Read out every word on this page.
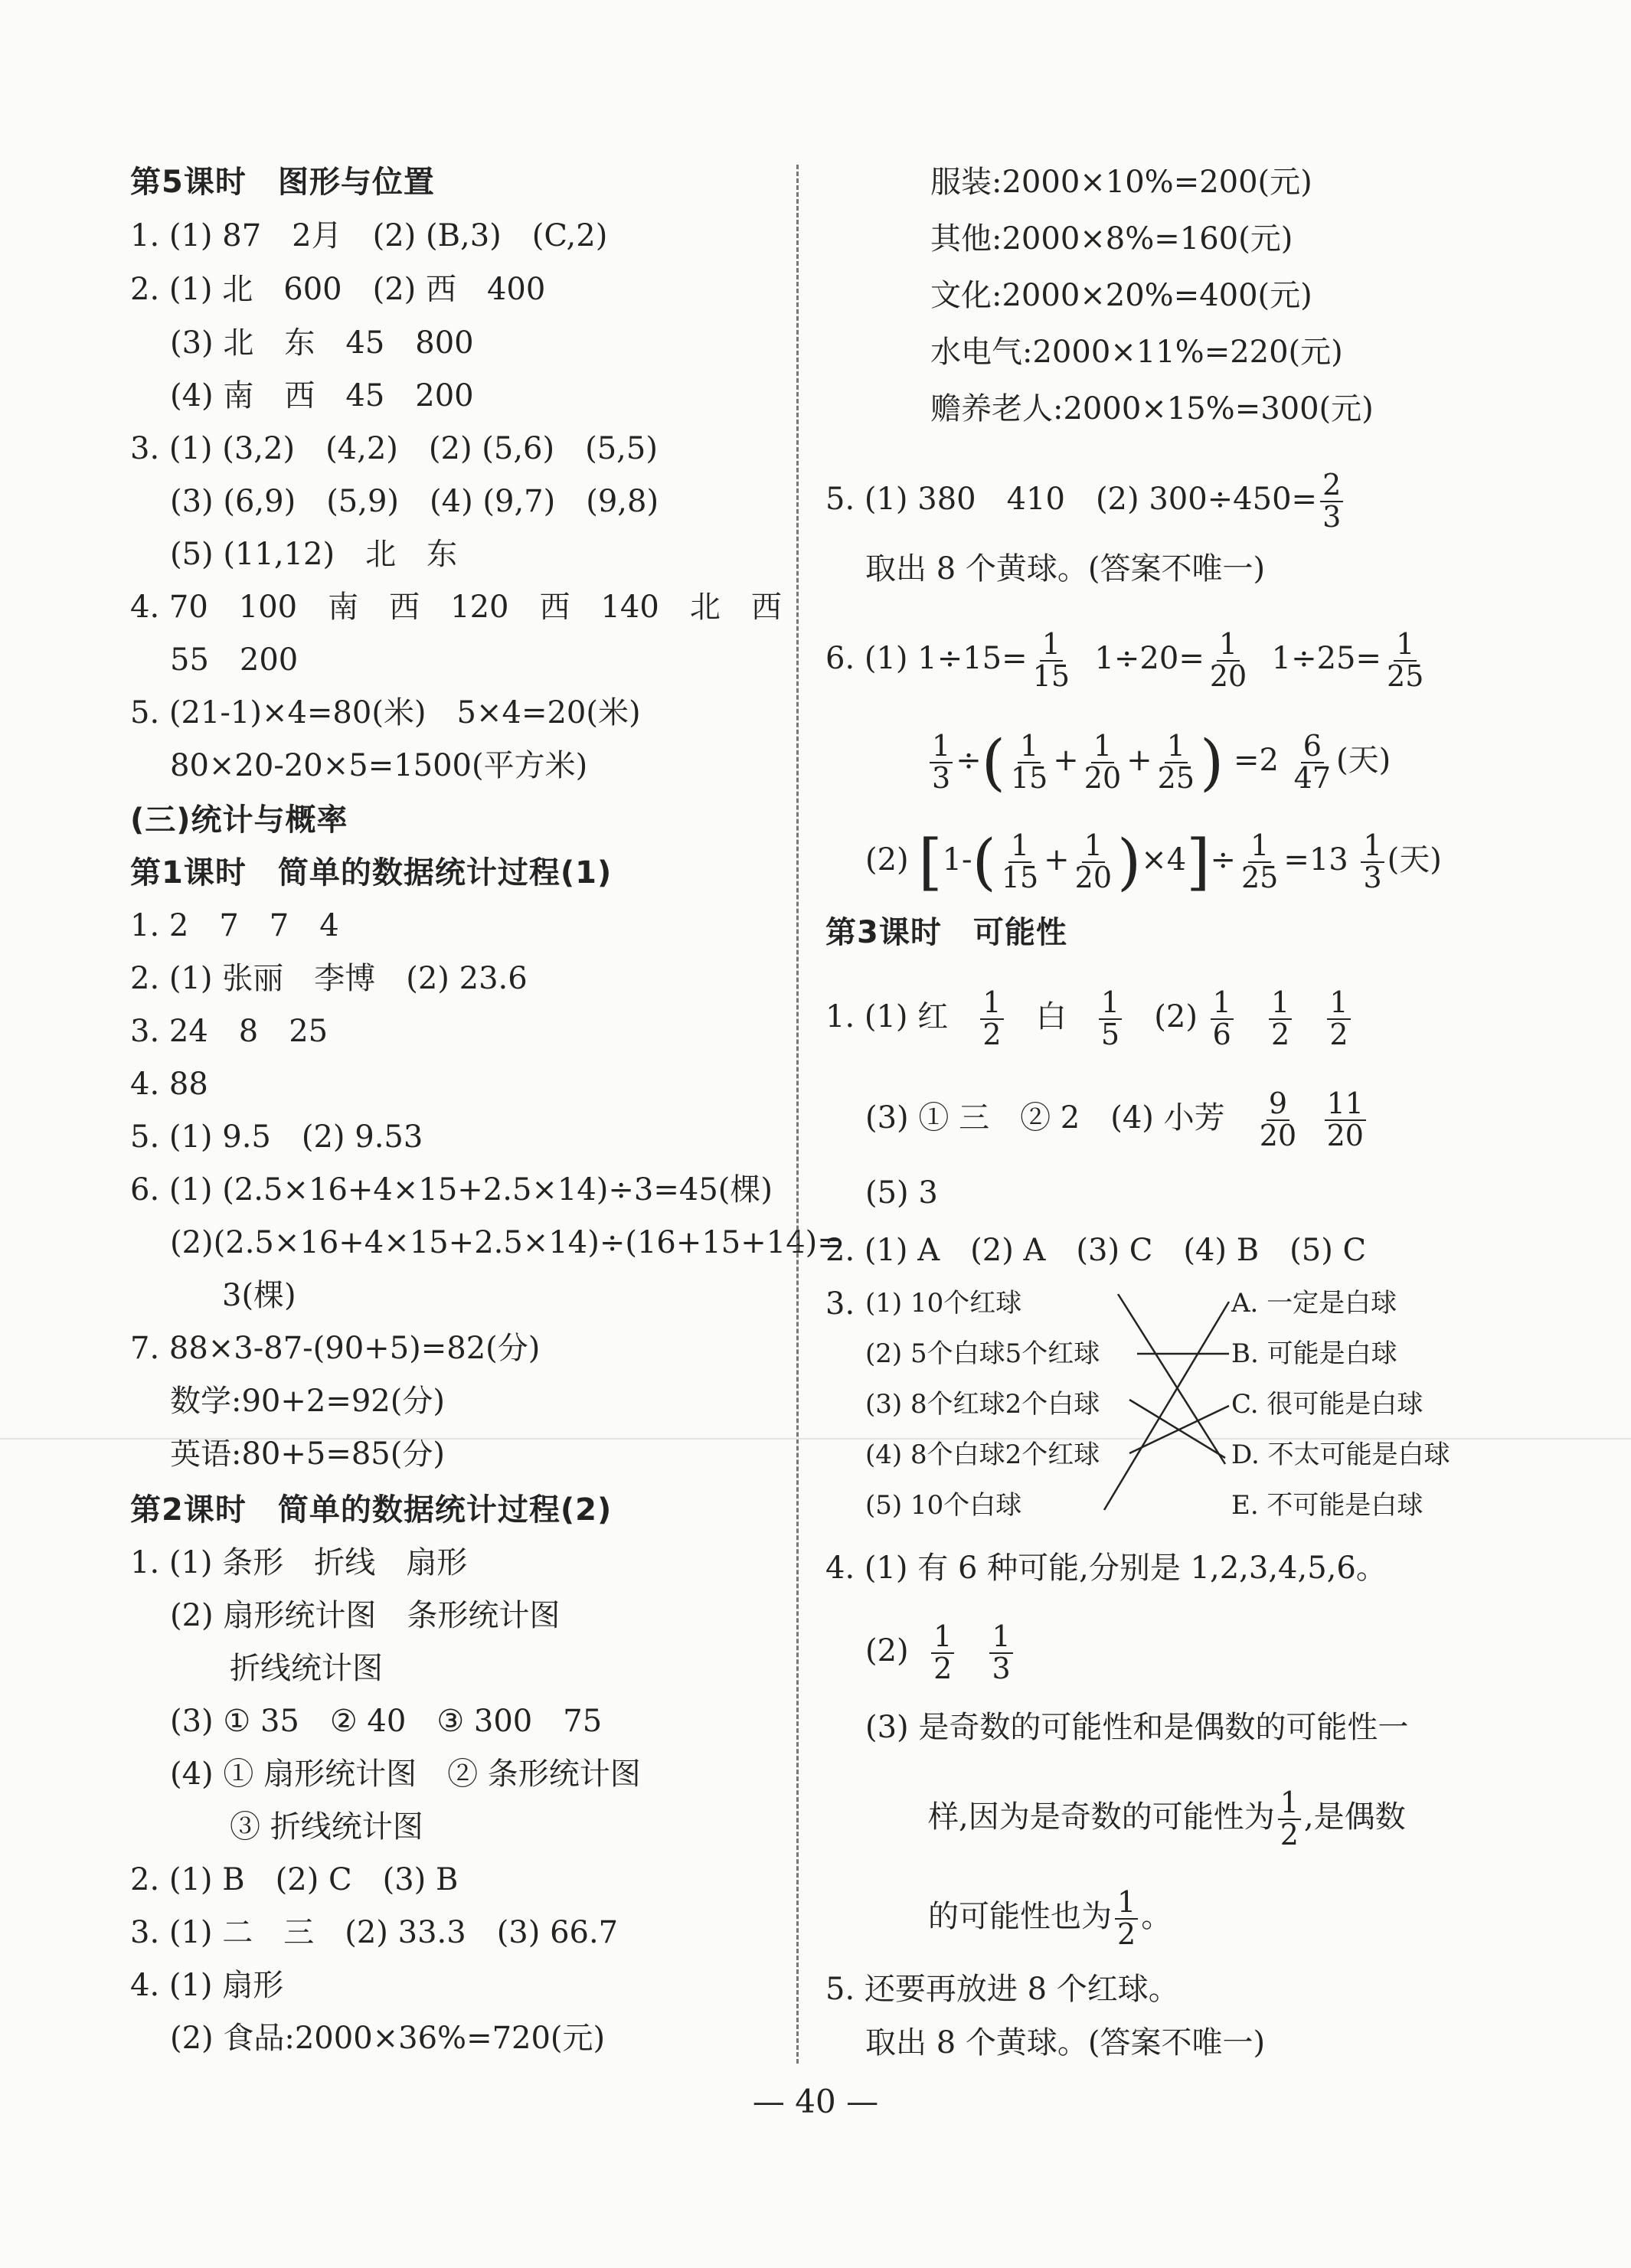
第5课时　图形与位置
1. (1) 87　2月　(2) (B,3)　(C,2)
2. (1) 北　600　(2) 西　400
(3) 北　东　45　800
(4) 南　西　45　200
3. (1) (3,2)　(4,2)　(2) (5,6)　(5,5)
(3) (6,9)　(5,9)　(4) (9,7)　(9,8)
(5) (11,12)　北　东
4. 70　100　南　西　120　西　140　北　西
55　200
5. (21-1)×4=80(米)　5×4=20(米)
80×20-20×5=1500(平方米)
(三)统计与概率
第1课时　简单的数据统计过程(1)
1. 2　7　7　4
2. (1) 张丽　李博　(2) 23.6
3. 24　8　25
4. 88
5. (1) 9.5　(2) 9.53
6. (1) (2.5×16+4×15+2.5×14)÷3=45(棵)
(2)(2.5×16+4×15+2.5×14)÷(16+15+14)=
3(棵)
7. 88×3-87-(90+5)=82(分)
数学:90+2=92(分)
英语:80+5=85(分)
第2课时　简单的数据统计过程(2)
1. (1) 条形　折线　扇形
(2) 扇形统计图　条形统计图
折线统计图
(3) ① 35　② 40　③ 300　75
(4) ① 扇形统计图　② 条形统计图
③ 折线统计图
2. (1) B　(2) C　(3) B
3. (1) 二　三　(2) 33.3　(3) 66.7
4. (1) 扇形
(2) 食品:2000×36%=720(元)
服装:2000×10%=200(元)
其他:2000×8%=160(元)
文化:2000×20%=400(元)
水电气:2000×11%=220(元)
赡养老人:2000×15%=300(元)
5. (1) 380　410　(2) $300\div 450= \frac{2}{3}$
取出 8 个黄球。(答案不唯一)
6. (1) $1\div 15= \frac{1}{15} 1\div 20= \frac{1}{20} 1\div 25= \frac{1}{25}$
$\frac{1}{3}$ ÷( $\frac{1}{15} + \frac{1}{20} + \frac{1}{25}$ ) $=2 \frac{6}{47}$ (天)
(2) $[1-( \frac{1}{15} + \frac{1}{20} )\times 4]\div \frac{1}{25} =13 \frac{1}{3}$ (天)
第3课时　可能性
1. (1) 红 $\frac{1}{2}$ 白 $\frac{1}{5} (2) \frac{1}{6}$
$\frac{1}{2}$
$\frac{1}{2}$
(3) ① 三　② 2　(4) 小芳 $\frac{9}{20}$
$\frac{11}{20}$
(5) 3
2. (1) A　(2) A　(3) C　(4) B　(5) C
3. (1) 10个红球
(2) 5个白球5个红球
(3) 8个红球2个白球
(4) 8个白球2个红球
(5) 10个白球
A. 一定是白球
B. 可能是白球
C. 很可能是白球
D. 不太可能是白球
E. 不可能是白球
4. (1) 有 6 种可能,分别是 1,2,3,4,5,6。
$(2) \frac{1}{2}$
$\frac{1}{3}$
(3) 是奇数的可能性和是偶数的可能性一
样,因为是奇数的可能性为 $\frac{1}{2}$ ,是偶数
的可能性也为 $\frac{1}{2}$ 。
5. 还要再放进 8 个红球。
取出 8 个黄球。(答案不唯一)
— 40 —
